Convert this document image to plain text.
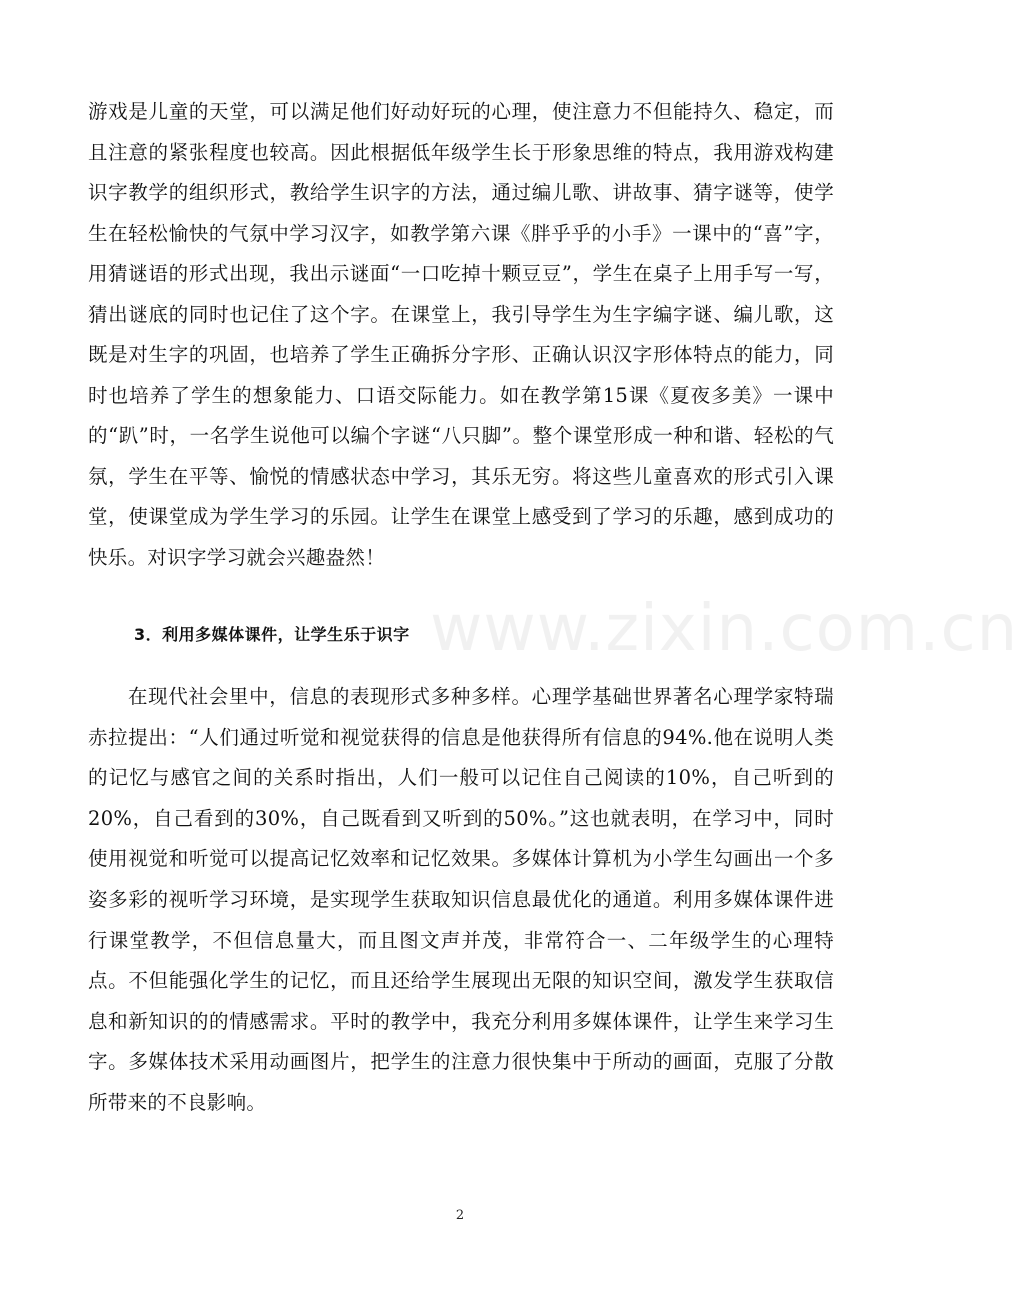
www.zixin.com.cn

游戏是儿童的天堂，可以满足他们好动好玩的心理，使注意力不但能持久、稳定，而且注意的紧张程度也较高。因此根据低年级学生长于形象思维的特点，我用游戏构建识字教学的组织形式，教给学生识字的方法，通过编儿歌、讲故事、猜字谜等，使学生在轻松愉快的气氛中学习汉字，如教学第六课《胖乎乎的小手》一课中的“喜”字，用猜谜语的形式出现，我出示谜面“一口吃掉十颗豆豆”，学生在桌子上用手写一写，猜出谜底的同时也记住了这个字。在课堂上，我引导学生为生字编字谜、编儿歌，这既是对生字的巩固，也培养了学生正确拆分字形、正确认识汉字形体特点的能力，同时也培养了学生的想象能力、口语交际能力。如在教学第15课《夏夜多美》一课中的“趴”时，一名学生说他可以编个字谜“八只脚”。整个课堂形成一种和谐、轻松的气氛，学生在平等、愉悦的情感状态中学习，其乐无穷。将这些儿童喜欢的形式引入课堂，使课堂成为学生学习的乐园。让学生在课堂上感受到了学习的乐趣，感到成功的快乐。对识字学习就会兴趣盎然！

3．利用多媒体课件，让学生乐于识字

在现代社会里中，信息的表现形式多种多样。心理学基础世界著名心理学家特瑞赤拉提出：“人们通过听觉和视觉获得的信息是他获得所有信息的94%.他在说明人类的记忆与感官之间的关系时指出，人们一般可以记住自己阅读的10%，自己听到的20%，自己看到的30%，自己既看到又听到的50%。”这也就表明，在学习中，同时使用视觉和听觉可以提高记忆效率和记忆效果。多媒体计算机为小学生勾画出一个多姿多彩的视听学习环境，是实现学生获取知识信息最优化的通道。利用多媒体课件进行课堂教学，不但信息量大，而且图文声并茂，非常符合一、二年级学生的心理特点。不但能强化学生的记忆，而且还给学生展现出无限的知识空间，激发学生获取信息和新知识的的情感需求。平时的教学中，我充分利用多媒体课件，让学生来学习生字。多媒体技术采用动画图片，把学生的注意力很快集中于所动的画面，克服了分散所带来的不良影响。

2
